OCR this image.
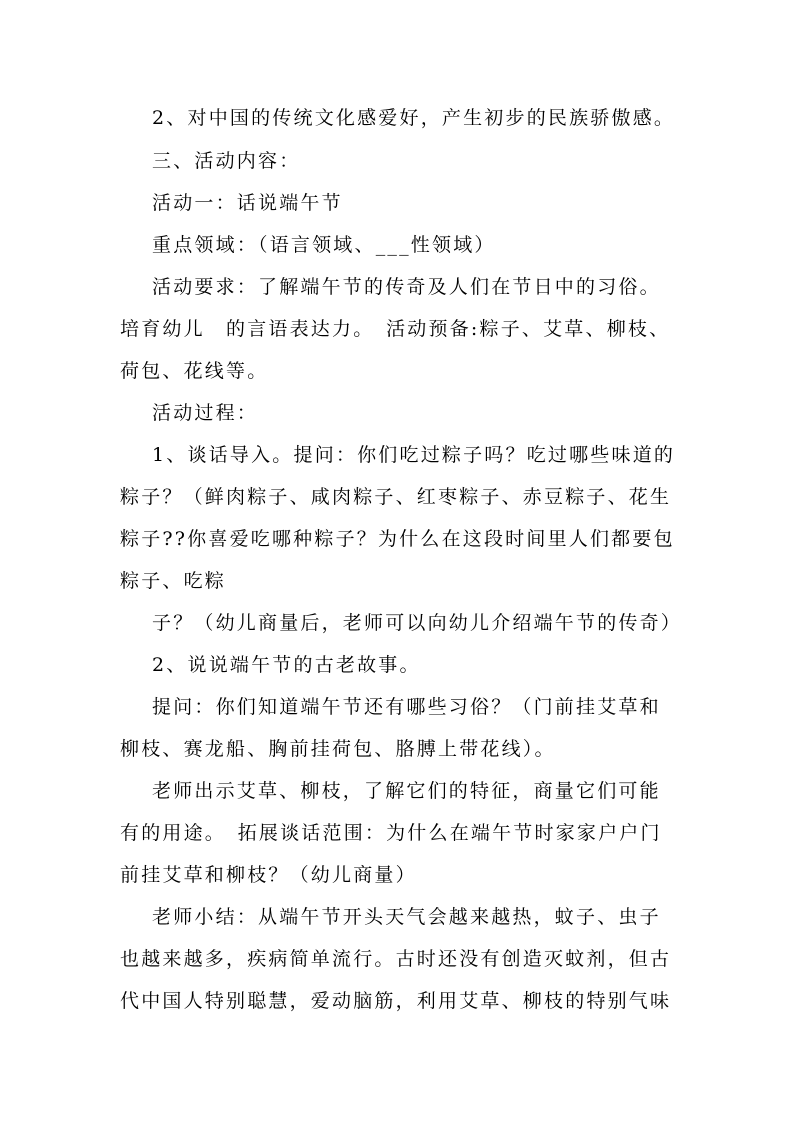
2、对中国的传统文化感爱好，产生初步的民族骄傲感。
三、活动内容：
活动一：话说端午节
重点领域：（语言领域、___性领域）
活动要求：了解端午节的传奇及人们在节日中的习俗。
培育幼儿　的言语表达力。　活动预备:粽子、艾草、柳枝、
荷包、花线等。
活动过程：
1、谈话导入。提问：你们吃过粽子吗？吃过哪些味道的
粽子？（鲜肉粽子、咸肉粽子、红枣粽子、赤豆粽子、花生
粽子??你喜爱吃哪种粽子？为什么在这段时间里人们都要包
粽子、吃粽
子？（幼儿商量后，老师可以向幼儿介绍端午节的传奇）
2、说说端午节的古老故事。
提问：你们知道端午节还有哪些习俗？（门前挂艾草和
柳枝、赛龙船、胸前挂荷包、胳膊上带花线）。
老师出示艾草、柳枝，了解它们的特征，商量它们可能
有的用途。　拓展谈话范围：为什么在端午节时家家户户门
前挂艾草和柳枝？（幼儿商量）
老师小结：从端午节开头天气会越来越热，蚊子、虫子
也越来越多，疾病简单流行。古时还没有创造灭蚊剂，但古
代中国人特别聪慧，爱动脑筋，利用艾草、柳枝的特别气味
